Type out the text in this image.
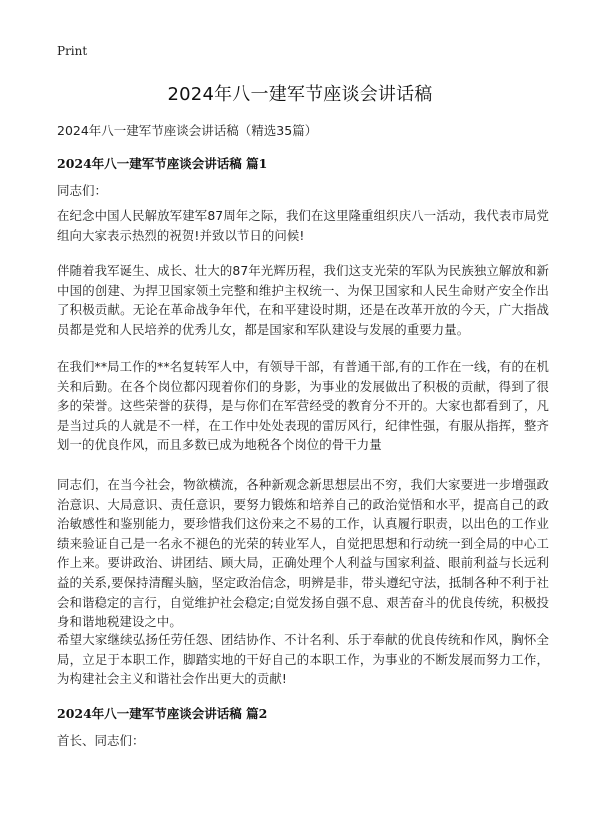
Print
2024年八一建军节座谈会讲话稿
2024年八一建军节座谈会讲话稿（精选35篇）
2024年八一建军节座谈会讲话稿 篇1
同志们：
在纪念中国人民解放军建军87周年之际，我们在这里隆重组织庆八一活动，我代表市局党组向大家表示热烈的祝贺!并致以节日的问候!
伴随着我军诞生、成长、壮大的87年光辉历程，我们这支光荣的军队为民族独立解放和新中国的创建、为捍卫国家领土完整和维护主权统一、为保卫国家和人民生命财产安全作出了积极贡献。无论在革命战争年代，在和平建设时期，还是在改革开放的今天，广大指战员都是党和人民培养的优秀儿女，都是国家和军队建设与发展的重要力量。
在我们**局工作的**名复转军人中，有领导干部，有普通干部,有的工作在一线，有的在机关和后勤。在各个岗位都闪现着你们的身影，为事业的发展做出了积极的贡献，得到了很多的荣誉。这些荣誉的获得，是与你们在军营经受的教育分不开的。大家也都看到了，凡是当过兵的人就是不一样，在工作中处处表现的雷厉风行，纪律性强，有服从指挥，整齐划一的优良作风，而且多数已成为地税各个岗位的骨干力量
同志们，在当今社会，物欲横流，各种新观念新思想层出不穷，我们大家要进一步增强政治意识、大局意识、责任意识，要努力锻炼和培养自己的政治觉悟和水平，提高自己的政治敏感性和鉴别能力，要珍惜我们这份来之不易的工作，认真履行职责，以出色的工作业绩来验证自己是一名永不褪色的光荣的转业军人，自觉把思想和行动统一到全局的中心工作上来。要讲政治、讲团结、顾大局，正确处理个人利益与国家利益、眼前利益与长远利益的关系,要保持清醒头脑，坚定政治信念，明辨是非，带头遵纪守法，抵制各种不利于社会和谐稳定的言行，自觉维护社会稳定;自觉发扬自强不息、艰苦奋斗的优良传统，积极投身和谐地税建设之中。
希望大家继续弘扬任劳任怨、团结协作、不计名利、乐于奉献的优良传统和作风，胸怀全局，立足于本职工作，脚踏实地的干好自己的本职工作，为事业的不断发展而努力工作，为构建社会主义和谐社会作出更大的贡献!
2024年八一建军节座谈会讲话稿 篇2
首长、同志们：
